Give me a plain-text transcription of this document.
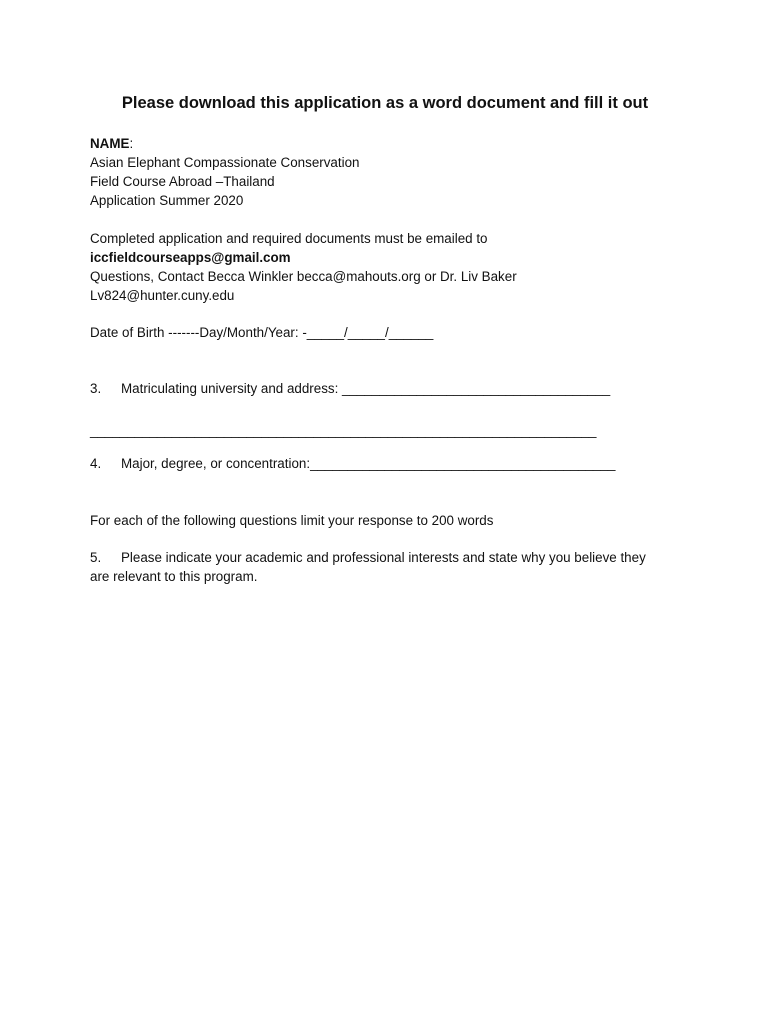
Please download this application as a word document and fill it out
NAME:
Asian Elephant Compassionate Conservation
Field Course Abroad –Thailand
Application Summer 2020
Completed application and required documents must be emailed to
iccfieldcourseapps@gmail.com
Questions, Contact Becca Winkler becca@mahouts.org or Dr. Liv Baker
Lv824@hunter.cuny.edu
Date of Birth -------Day/Month/Year: -_____/_____/______
3. Matriculating university and address: ____________________________________
____________________________________________________________________
4. Major, degree, or concentration:_________________________________________
For each of the following questions limit your response to 200 words
5. Please indicate your academic and professional interests and state why you believe they
are relevant to this program.
